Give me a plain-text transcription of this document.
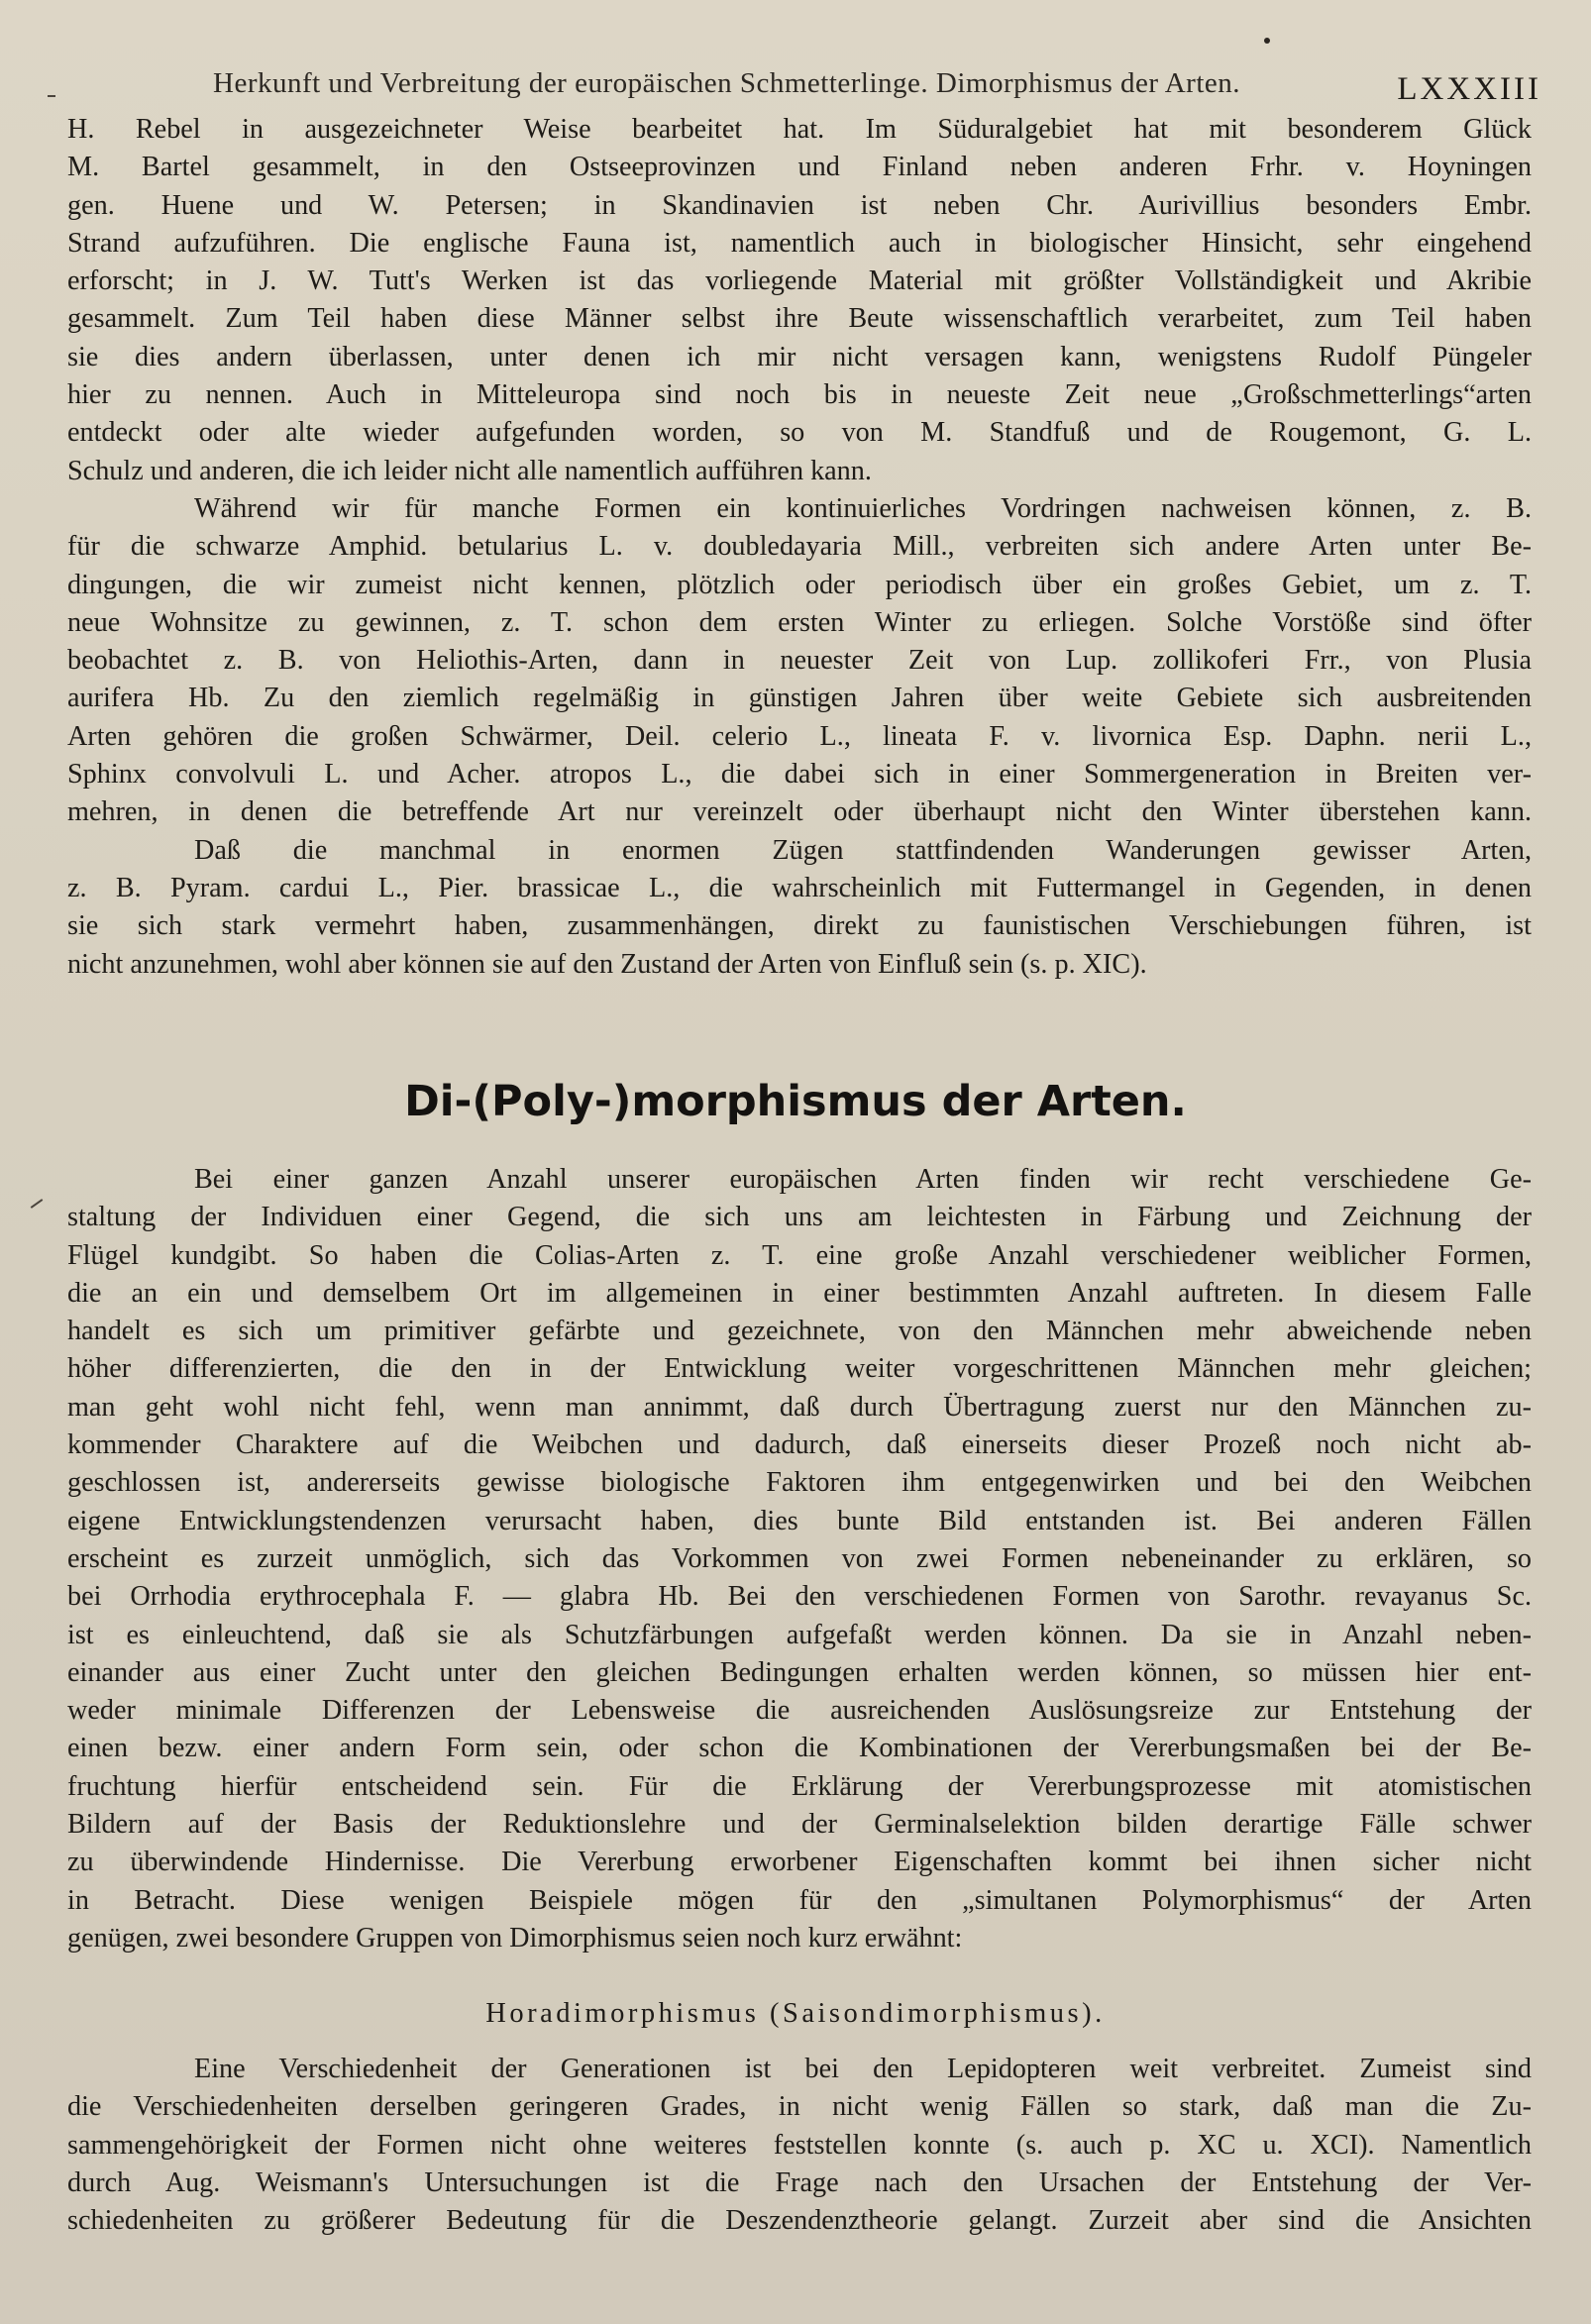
Herkunft und Verbreitung der europäischen Schmetterlinge. Dimorphismus der Arten.	LXXXIII
H. Rebel in ausgezeichneter Weise bearbeitet hat. Im Süduralgebiet hat mit besonderem Glück
M. Bartel gesammelt, in den Ostseeprovinzen und Finland neben anderen Frhr. v. Hoyningen
gen. Huene und W. Petersen; in Skandinavien ist neben Chr. Aurivillius besonders Embr.
Strand aufzuführen. Die englische Fauna ist, namentlich auch in biologischer Hinsicht, sehr eingehend
erforscht; in J. W. Tutt's Werken ist das vorliegende Material mit größter Vollständigkeit und Akribie
gesammelt. Zum Teil haben diese Männer selbst ihre Beute wissenschaftlich verarbeitet, zum Teil haben
sie dies andern überlassen, unter denen ich mir nicht versagen kann, wenigstens Rudolf Püngeler
hier zu nennen. Auch in Mitteleuropa sind noch bis in neueste Zeit neue „Großschmetterlings“arten
entdeckt oder alte wieder aufgefunden worden, so von M. Standfuß und de Rougemont, G. L.
Schulz und anderen, die ich leider nicht alle namentlich aufführen kann.
Während wir für manche Formen ein kontinuierliches Vordringen nachweisen können, z. B.
für die schwarze Amphid. betularius L. v. doubledayaria Mill., verbreiten sich andere Arten unter Be-
dingungen, die wir zumeist nicht kennen, plötzlich oder periodisch über ein großes Gebiet, um z. T.
neue Wohnsitze zu gewinnen, z. T. schon dem ersten Winter zu erliegen. Solche Vorstöße sind öfter
beobachtet z. B. von Heliothis-Arten, dann in neuester Zeit von Lup. zollikoferi Frr., von Plusia
aurifera Hb. Zu den ziemlich regelmäßig in günstigen Jahren über weite Gebiete sich ausbreitenden
Arten gehören die großen Schwärmer, Deil. celerio L., lineata F. v. livornica Esp. Daphn. nerii L.,
Sphinx convolvuli L. und Acher. atropos L., die dabei sich in einer Sommergeneration in Breiten ver-
mehren, in denen die betreffende Art nur vereinzelt oder überhaupt nicht den Winter überstehen kann.
Daß die manchmal in enormen Zügen stattfindenden Wanderungen gewisser Arten,
z. B. Pyram. cardui L., Pier. brassicae L., die wahrscheinlich mit Futtermangel in Gegenden, in denen
sie sich stark vermehrt haben, zusammenhängen, direkt zu faunistischen Verschiebungen führen, ist
nicht anzunehmen, wohl aber können sie auf den Zustand der Arten von Einfluß sein (s. p. XIC).
Di-(Poly-)morphismus der Arten.
Bei einer ganzen Anzahl unserer europäischen Arten finden wir recht verschiedene Ge-
staltung der Individuen einer Gegend, die sich uns am leichtesten in Färbung und Zeichnung der
Flügel kundgibt. So haben die Colias-Arten z. T. eine große Anzahl verschiedener weiblicher Formen,
die an ein und demselbem Ort im allgemeinen in einer bestimmten Anzahl auftreten. In diesem Falle
handelt es sich um primitiver gefärbte und gezeichnete, von den Männchen mehr abweichende neben
höher differenzierten, die den in der Entwicklung weiter vorgeschrittenen Männchen mehr gleichen;
man geht wohl nicht fehl, wenn man annimmt, daß durch Übertragung zuerst nur den Männchen zu-
kommender Charaktere auf die Weibchen und dadurch, daß einerseits dieser Prozeß noch nicht ab-
geschlossen ist, andererseits gewisse biologische Faktoren ihm entgegenwirken und bei den Weibchen
eigene Entwicklungstendenzen verursacht haben, dies bunte Bild entstanden ist. Bei anderen Fällen
erscheint es zurzeit unmöglich, sich das Vorkommen von zwei Formen nebeneinander zu erklären, so
bei Orrhodia erythrocephala F. — glabra Hb. Bei den verschiedenen Formen von Sarothr. revayanus Sc.
ist es einleuchtend, daß sie als Schutzfärbungen aufgefaßt werden können. Da sie in Anzahl neben-
einander aus einer Zucht unter den gleichen Bedingungen erhalten werden können, so müssen hier ent-
weder minimale Differenzen der Lebensweise die ausreichenden Auslösungsreize zur Entstehung der
einen bezw. einer andern Form sein, oder schon die Kombinationen der Vererbungsmaßen bei der Be-
fruchtung hierfür entscheidend sein. Für die Erklärung der Vererbungsprozesse mit atomistischen
Bildern auf der Basis der Reduktionslehre und der Germinalselektion bilden derartige Fälle schwer
zu überwindende Hindernisse. Die Vererbung erworbener Eigenschaften kommt bei ihnen sicher nicht
in Betracht. Diese wenigen Beispiele mögen für den „simultanen Polymorphismus“ der Arten
genügen, zwei besondere Gruppen von Dimorphismus seien noch kurz erwähnt:
Horadimorphismus (Saisondimorphismus).
Eine Verschiedenheit der Generationen ist bei den Lepidopteren weit verbreitet. Zumeist sind
die Verschiedenheiten derselben geringeren Grades, in nicht wenig Fällen so stark, daß man die Zu-
sammengehörigkeit der Formen nicht ohne weiteres feststellen konnte (s. auch p. XC u. XCI). Namentlich
durch Aug. Weismann's Untersuchungen ist die Frage nach den Ursachen der Entstehung der Ver-
schiedenheiten zu größerer Bedeutung für die Deszendenztheorie gelangt. Zurzeit aber sind die Ansichten
